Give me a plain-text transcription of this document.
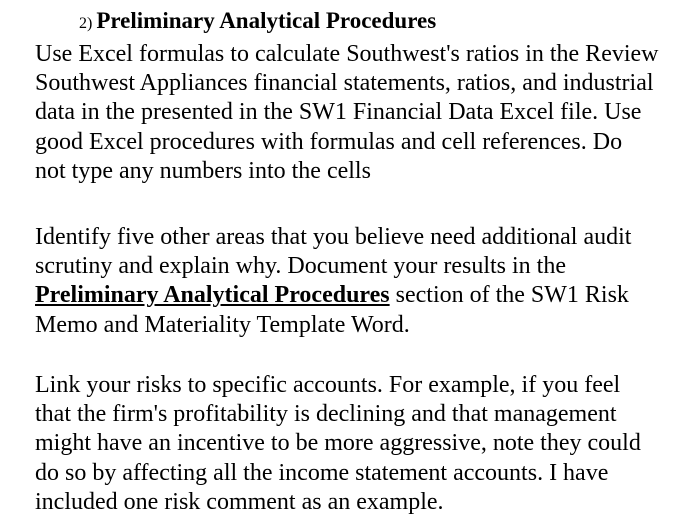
2) Preliminary Analytical Procedures

Use Excel formulas to calculate Southwest's ratios in the Review
Southwest Appliances financial statements, ratios, and industrial
data in the presented in the SW1 Financial Data Excel file. Use
good Excel procedures with formulas and cell references. Do
not type any numbers into the cells

Identify five other areas that you believe need additional audit
scrutiny and explain why. Document your results in the
Preliminary Analytical Procedures section of the SW1 Risk
Memo and Materiality Template Word.

Link your risks to specific accounts. For example, if you feel
that the firm's profitability is declining and that management
might have an incentive to be more aggressive, note they could
do so by affecting all the income statement accounts. I have
included one risk comment as an example.
